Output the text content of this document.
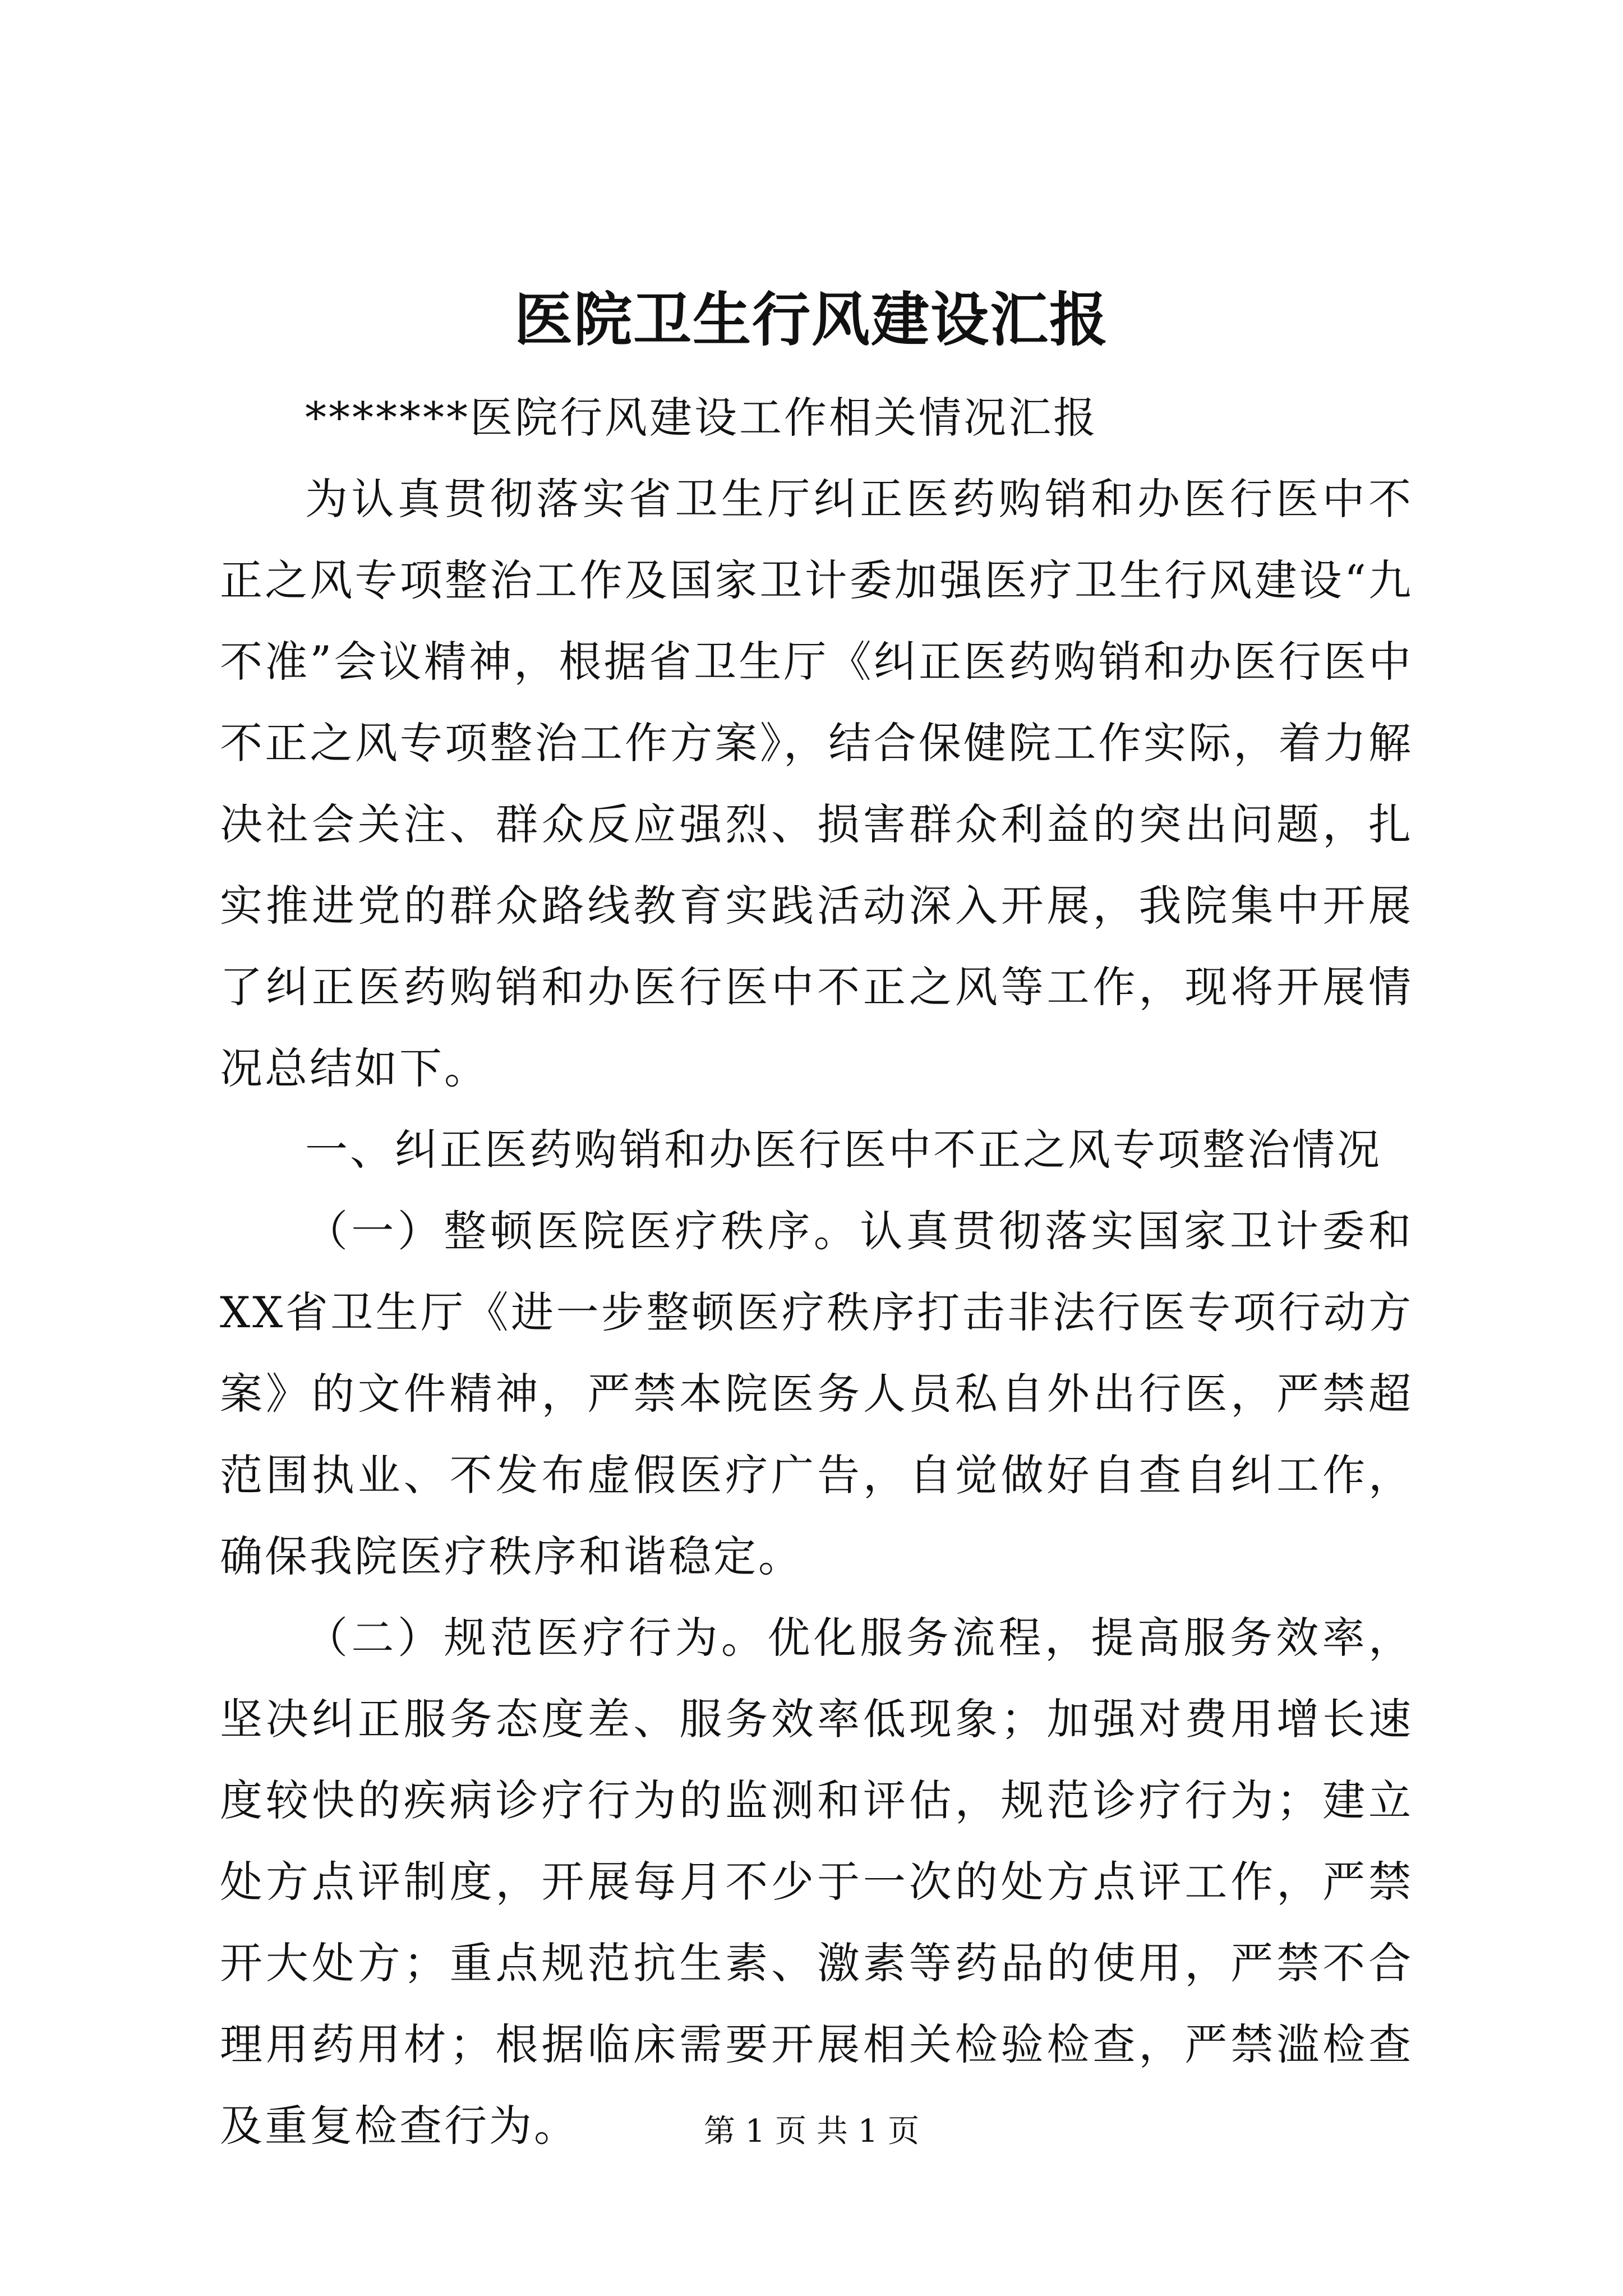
医院卫生行风建设汇报

*******医院行风建设工作相关情况汇报

为认真贯彻落实省卫生厅纠正医药购销和办医行医中不正之风专项整治工作及国家卫计委加强医疗卫生行风建设“九不准”会议精神，根据省卫生厅《纠正医药购销和办医行医中不正之风专项整治工作方案》，结合保健院工作实际，着力解决社会关注、群众反应强烈、损害群众利益的突出问题，扎实推进党的群众路线教育实践活动深入开展，我院集中开展了纠正医药购销和办医行医中不正之风等工作，现将开展情况总结如下。

一、纠正医药购销和办医行医中不正之风专项整治情况

（一）整顿医院医疗秩序。认真贯彻落实国家卫计委和XX省卫生厅《进一步整顿医疗秩序打击非法行医专项行动方案》的文件精神，严禁本院医务人员私自外出行医，严禁超范围执业、不发布虚假医疗广告，自觉做好自查自纠工作，确保我院医疗秩序和谐稳定。

（二）规范医疗行为。优化服务流程，提高服务效率，坚决纠正服务态度差、服务效率低现象；加强对费用增长速度较快的疾病诊疗行为的监测和评估，规范诊疗行为；建立处方点评制度，开展每月不少于一次的处方点评工作，严禁开大处方；重点规范抗生素、激素等药品的使用，严禁不合理用药用材；根据临床需要开展相关检验检查，严禁滥检查及重复检查行为。	第 1 页 共 1 页
